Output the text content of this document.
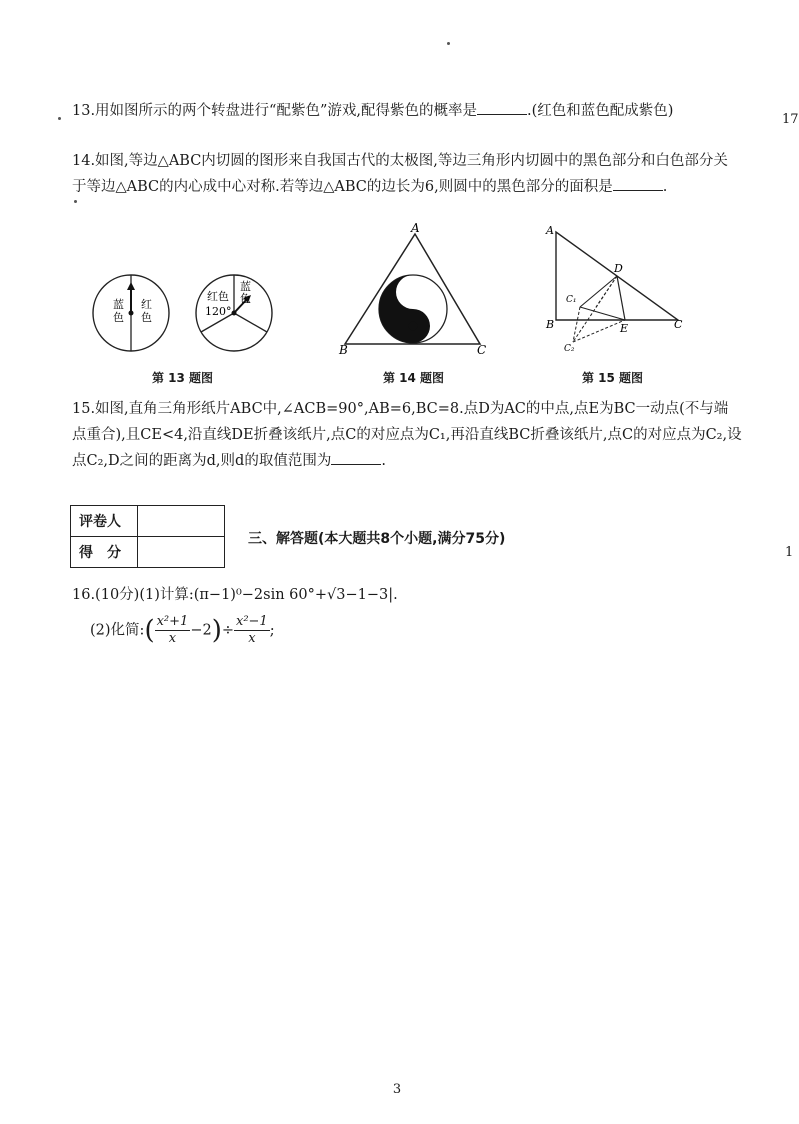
17
1
13.用如图所示的两个转盘进行“配紫色”游戏,配得紫色的概率是	.(红色和蓝色配成紫色)
14.如图,等边△ABC内切圆的图形来自我国古代的太极图,等边三角形内切圆中的黑色部分和白色部分关于等边△ABC的内心成中心对称.若等边△ABC的边长为6,则圆中的黑色部分的面积是	.
蓝色
红色
红色
蓝
色
120°
第 13 题图
A
B	C
第 14 题图
A
B	C
D
E
C₁
C₂
第 15 题图
15.如图,直角三角形纸片ABC中,∠ACB=90°,AB=6,BC=8.点D为AC的中点,点E为BC一动点(不与端点重合),且CE<4,沿直线DE折叠该纸片,点C的对应点为C₁,再沿直线BC折叠该纸片,点C的对应点为C₂,设点C₂,D之间的距离为d,则d的取值范围为	.
评卷人	
得　分	
三、解答题(本大题共8个小题,满分75分)
16.(10分)(1)计算:(π−1)⁰−2sin 60°+√3−1−3|.
(2)化简:( $\frac{\text{x²+1}}{x} -2)\div \frac{\text{x²−1}}{x}$ ;
3
